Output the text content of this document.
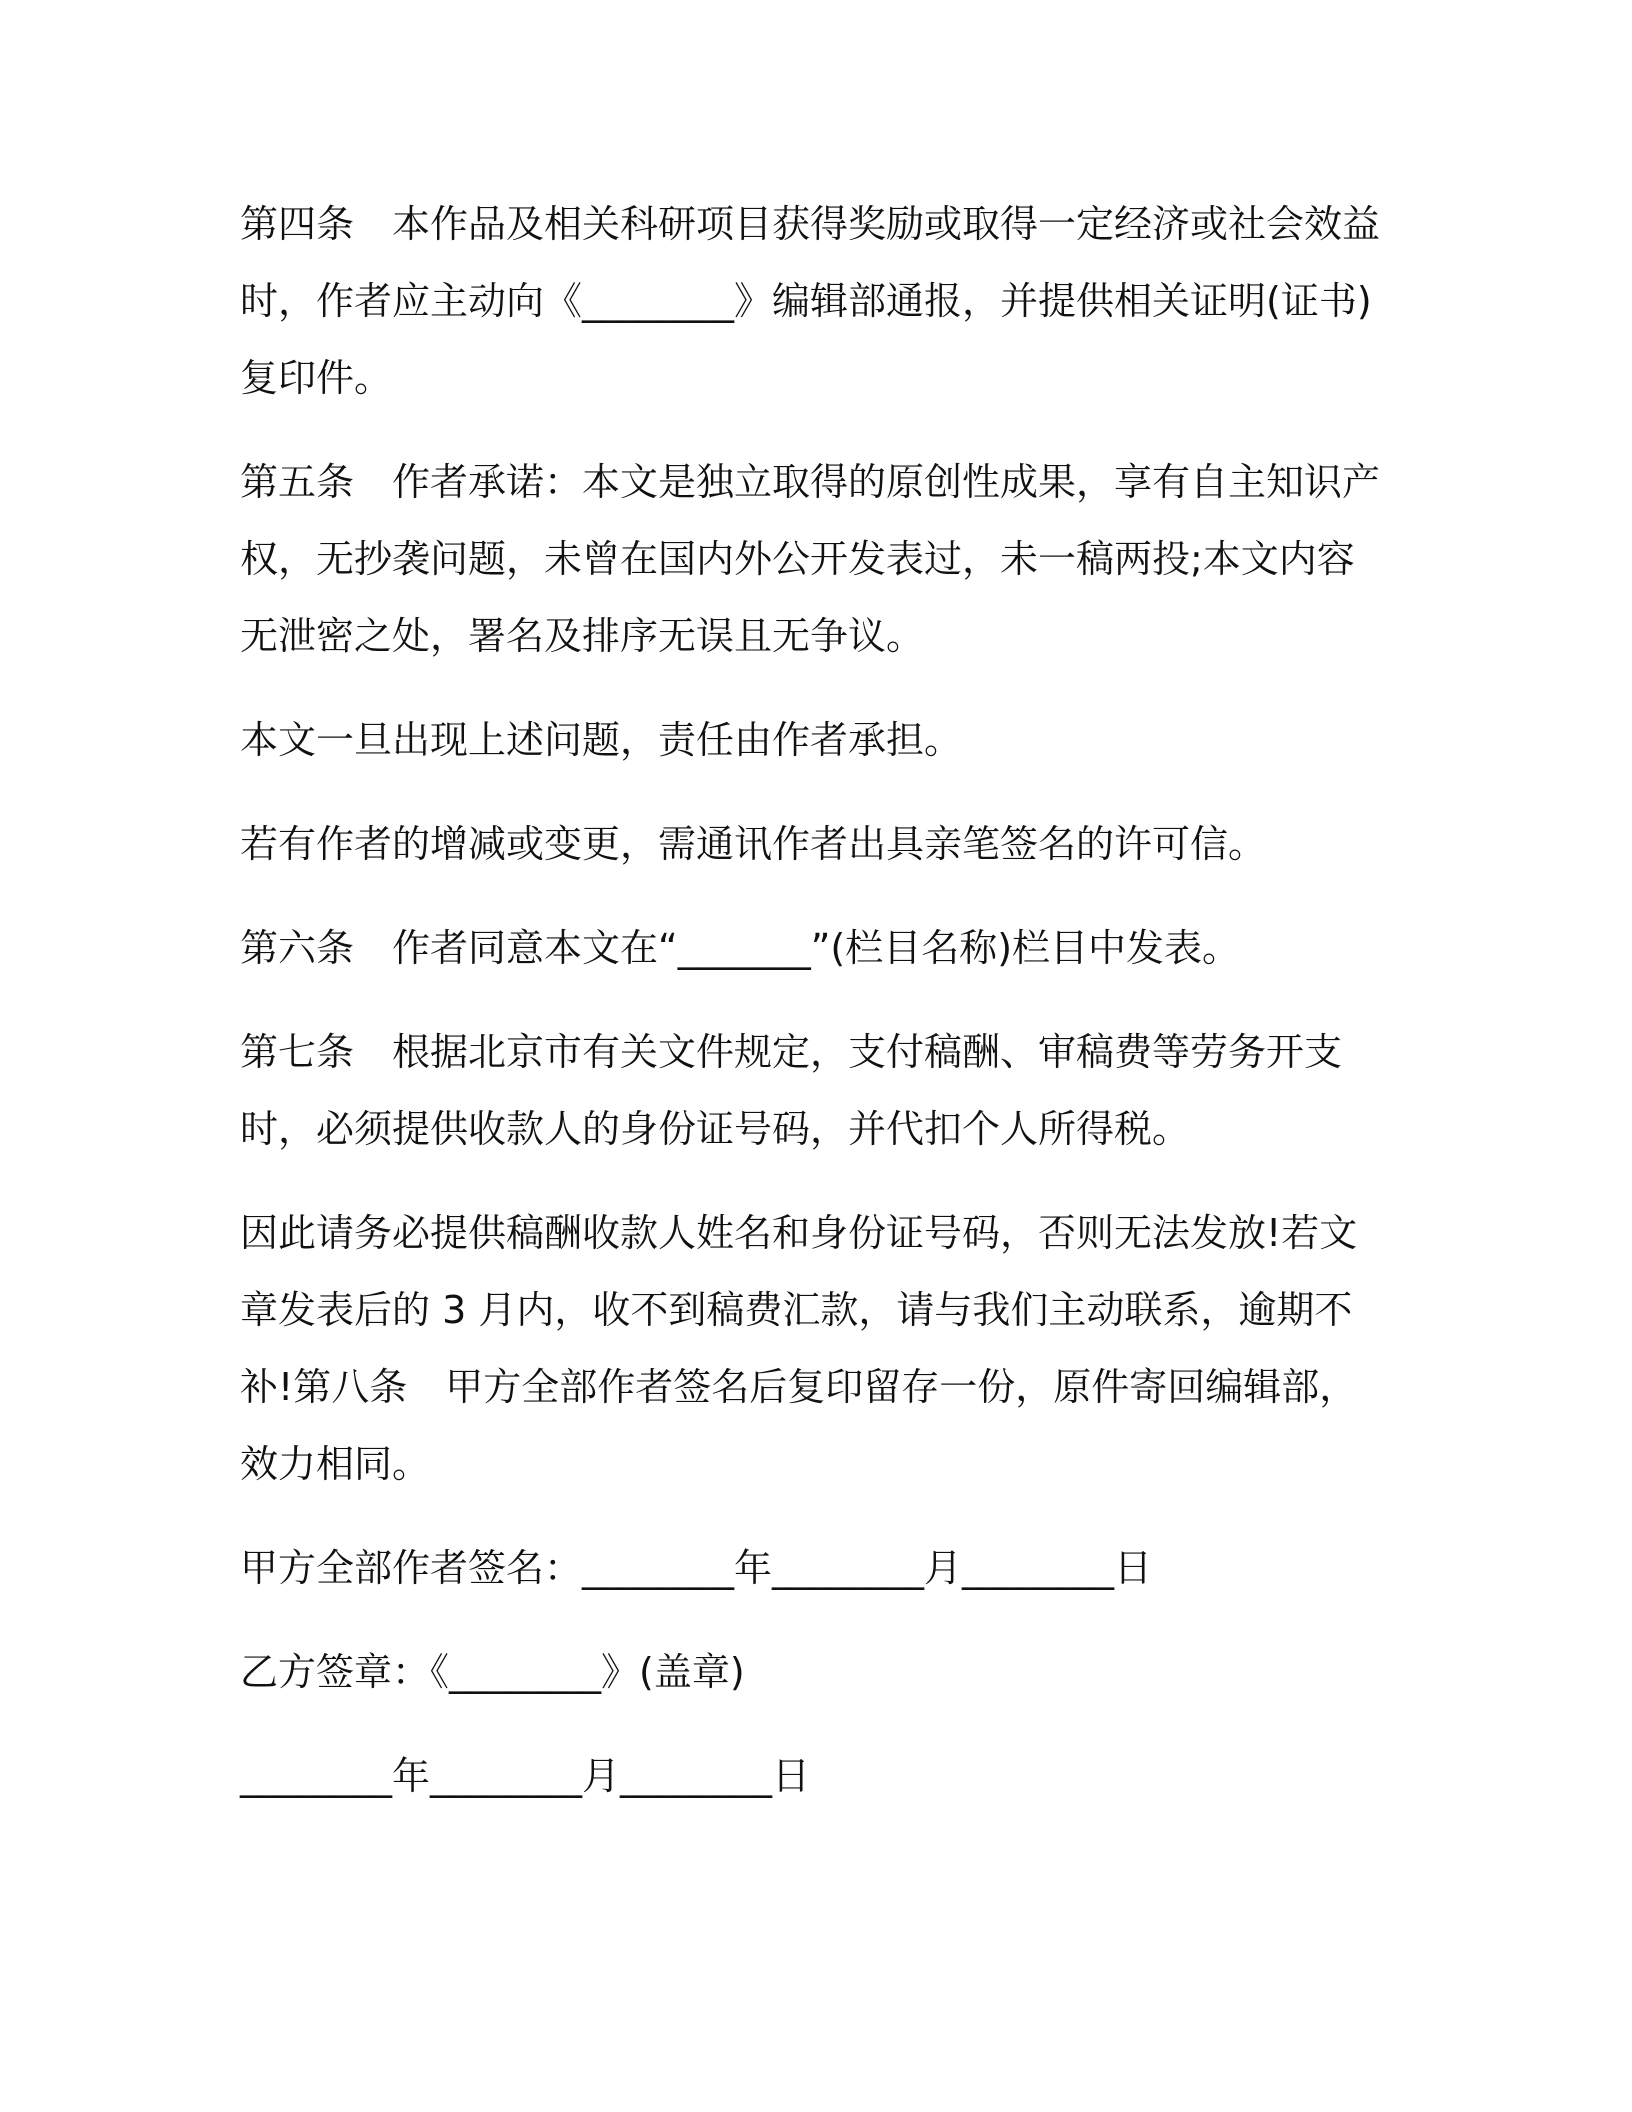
第四条　本作品及相关科研项目获得奖励或取得一定经济或社会效益时，作者应主动向《________》编辑部通报，并提供相关证明(证书)复印件。

第五条　作者承诺：本文是独立取得的原创性成果，享有自主知识产权，无抄袭问题，未曾在国内外公开发表过，未一稿两投;本文内容无泄密之处，署名及排序无误且无争议。

本文一旦出现上述问题，责任由作者承担。

若有作者的增减或变更，需通讯作者出具亲笔签名的许可信。

第六条　作者同意本文在“_______”(栏目名称)栏目中发表。

第七条　根据北京市有关文件规定，支付稿酬、审稿费等劳务开支时，必须提供收款人的身份证号码，并代扣个人所得税。

因此请务必提供稿酬收款人姓名和身份证号码，否则无法发放!若文章发表后的 3 月内，收不到稿费汇款，请与我们主动联系，逾期不补!第八条　甲方全部作者签名后复印留存一份，原件寄回编辑部，效力相同。

甲方全部作者签名：________年________月________日

乙方签章：《________》(盖章)

________年________月________日
